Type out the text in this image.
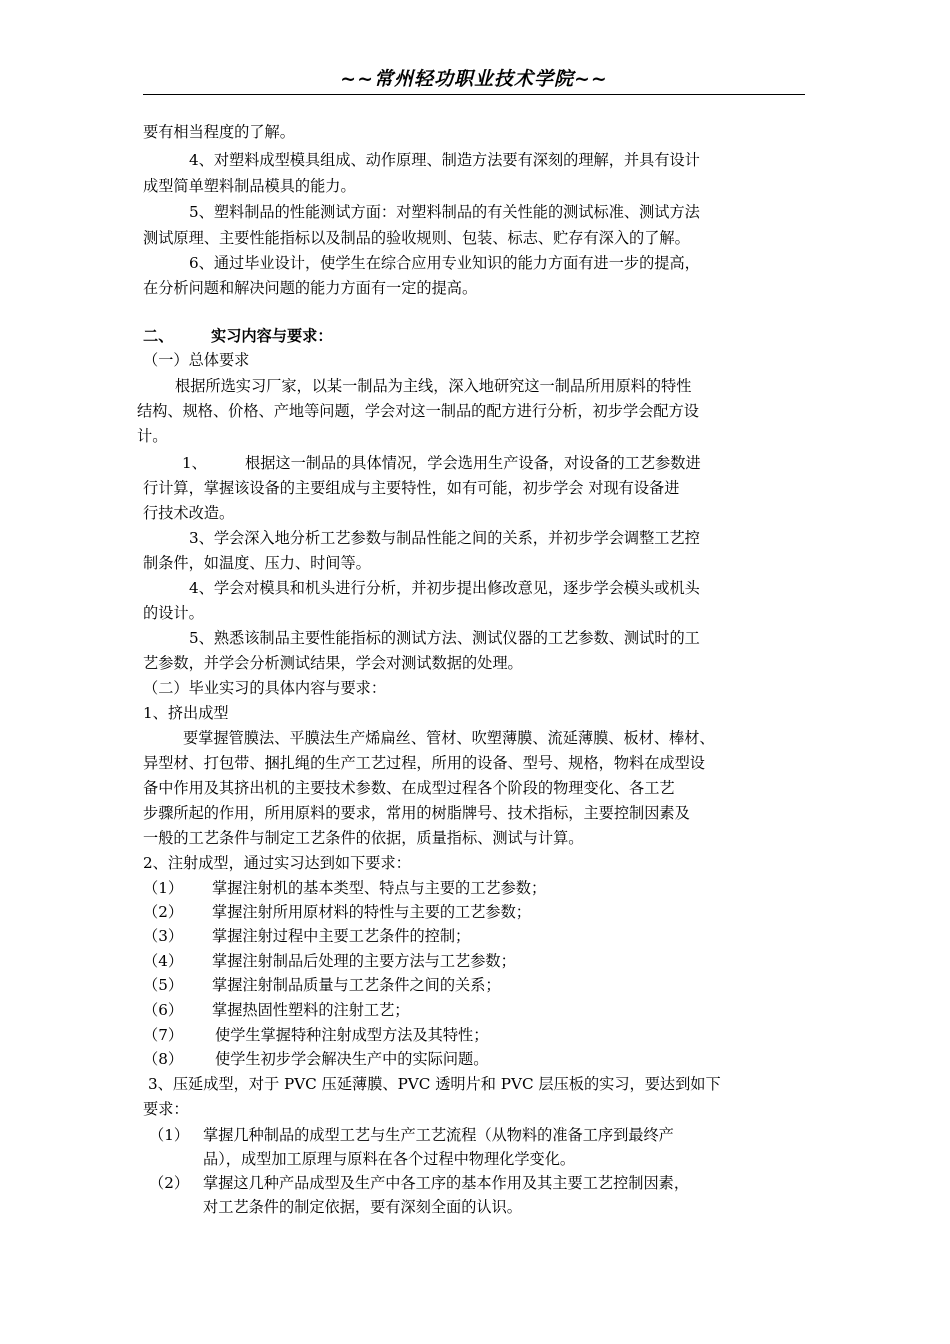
~~常州轻功职业技术学院~~
要有相当程度的了解。
4、对塑料成型模具组成、动作原理、制造方法要有深刻的理解，并具有设计
成型简单塑料制品模具的能力。
5、塑料制品的性能测试方面：对塑料制品的有关性能的测试标准、测试方法
测试原理、主要性能指标以及制品的验收规则、包装、标志、贮存有深入的了解。
6、通过毕业设计，使学生在综合应用专业知识的能力方面有进一步的提高，
在分析问题和解决问题的能力方面有一定的提高。
二、 实习内容与要求：
（一）总体要求
根据所选实习厂家，以某一制品为主线，深入地研究这一制品所用原料的特性
结构、规格、价格、产地等问题，学会对这一制品的配方进行分析，初步学会配方设
计。
1、	根据这一制品的具体情况，学会选用生产设备，对设备的工艺参数进
行计算，掌握该设备的主要组成与主要特性，如有可能，初步学会 对现有设备进
行技术改造。
3、学会深入地分析工艺参数与制品性能之间的关系，并初步学会调整工艺控
制条件，如温度、压力、时间等。
4、学会对模具和机头进行分析，并初步提出修改意见，逐步学会模头或机头
的设计。
5、熟悉该制品主要性能指标的测试方法、测试仪器的工艺参数、测试时的工
艺参数，并学会分析测试结果，学会对测试数据的处理。
（二）毕业实习的具体内容与要求：
1、挤出成型
要掌握管膜法、平膜法生产烯扁丝、管材、吹塑薄膜、流延薄膜、板材、棒材、
异型材、打包带、捆扎绳的生产工艺过程，所用的设备、型号、规格，物料在成型设
备中作用及其挤出机的主要技术参数、在成型过程各个阶段的物理变化、各工艺
步骤所起的作用，所用原料的要求，常用的树脂牌号、技术指标，主要控制因素及
一般的工艺条件与制定工艺条件的依据，质量指标、测试与计算。
2、注射成型，通过实习达到如下要求：
（1） 掌握注射机的基本类型、特点与主要的工艺参数；
（2） 掌握注射所用原材料的特性与主要的工艺参数；
（3） 掌握注射过程中主要工艺条件的控制；
（4） 掌握注射制品后处理的主要方法与工艺参数；
（5） 掌握注射制品质量与工艺条件之间的关系；
（6） 掌握热固性塑料的注射工艺；
（7） 使学生掌握特种注射成型方法及其特性；
（8） 使学生初步学会解决生产中的实际问题。
3、压延成型，对于 PVC 压延薄膜、PVC 透明片和 PVC 层压板的实习，要达到如下
要求：
（1） 掌握几种制品的成型工艺与生产工艺流程（从物料的准备工序到最终产
品），成型加工原理与原料在各个过程中物理化学变化。
（2） 掌握这几种产品成型及生产中各工序的基本作用及其主要工艺控制因素，
对工艺条件的制定依据，要有深刻全面的认识。
